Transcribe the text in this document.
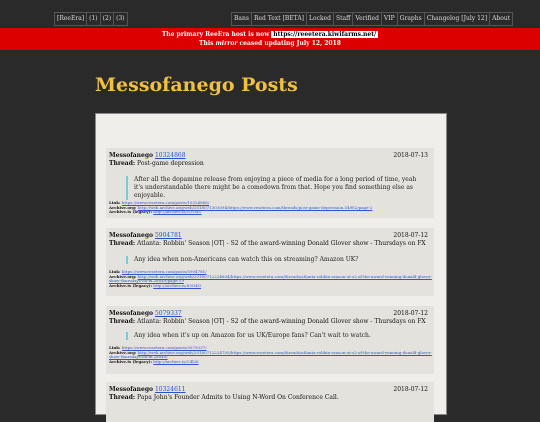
[ReeEra] (1) (2) (3)	Bans Red Text [BETA] Locked Staff Verified VIP Graphs Changelog [July 12] About
The primary ReeEra host is now https://reeetera.kiwifarms.net/
This mirror ceased updating July 12, 2018
Messofanego Posts
Messofanego 10324868	2018-07-13
Thread: Post-game depression
After all the dopamine release from enjoying a piece of media for a long period of time, yeah it's understandable there might be a comedown from that. Hope you find something else as enjoyable.
Link: https://www.resetera.com/posts/10324868/
Archive.org: http://web.archive.org/web/2018071303094/https://www.resetera.com/threads/post-game-depression.54982/page-2
Archive.is (legacy): http://archive.is/1OO4U
Messofanego 5904781	2018-07-12
Thread: Atlanta: Robbin' Season |OT| - S2 of the award-winning Donald Glover show - Thursdays on FX
Any idea when non-Americans can watch this on streaming? Amazon UK?
Link: https://www.resetera.com/posts/5904781/
Archive.org: http://web.archive.org/web/20180712224604/https://www.resetera.com/threads/atlanta-robbin-season-ot-s2-of-the-award-winning-donald-glover-show-thursdays-on-fx.28049/page-19
Archive.is (legacy): http://archive.is/S5O4O
Messofanego 5079337	2018-07-12
Thread: Atlanta: Robbin' Season |OT| - S2 of the award-winning Donald Glover show - Thursdays on FX
Any idea when it's up on Amazon for us UK/Europe fans? Can't wait to watch.
Link: https://www.resetera.com/posts/5079337/
Archive.org: http://web.archive.org/web/20180712224705/https://www.resetera.com/threads/atlanta-robbin-season-ot-s2-of-the-award-winning-donald-glover-show-thursdays-on-fx.28049/
Archive.is (legacy): http://archive.is/C4l26
Messofanego 10324611	2018-07-12
Thread: Papa John's Founder Admits to Using N-Word On Conference Call.
